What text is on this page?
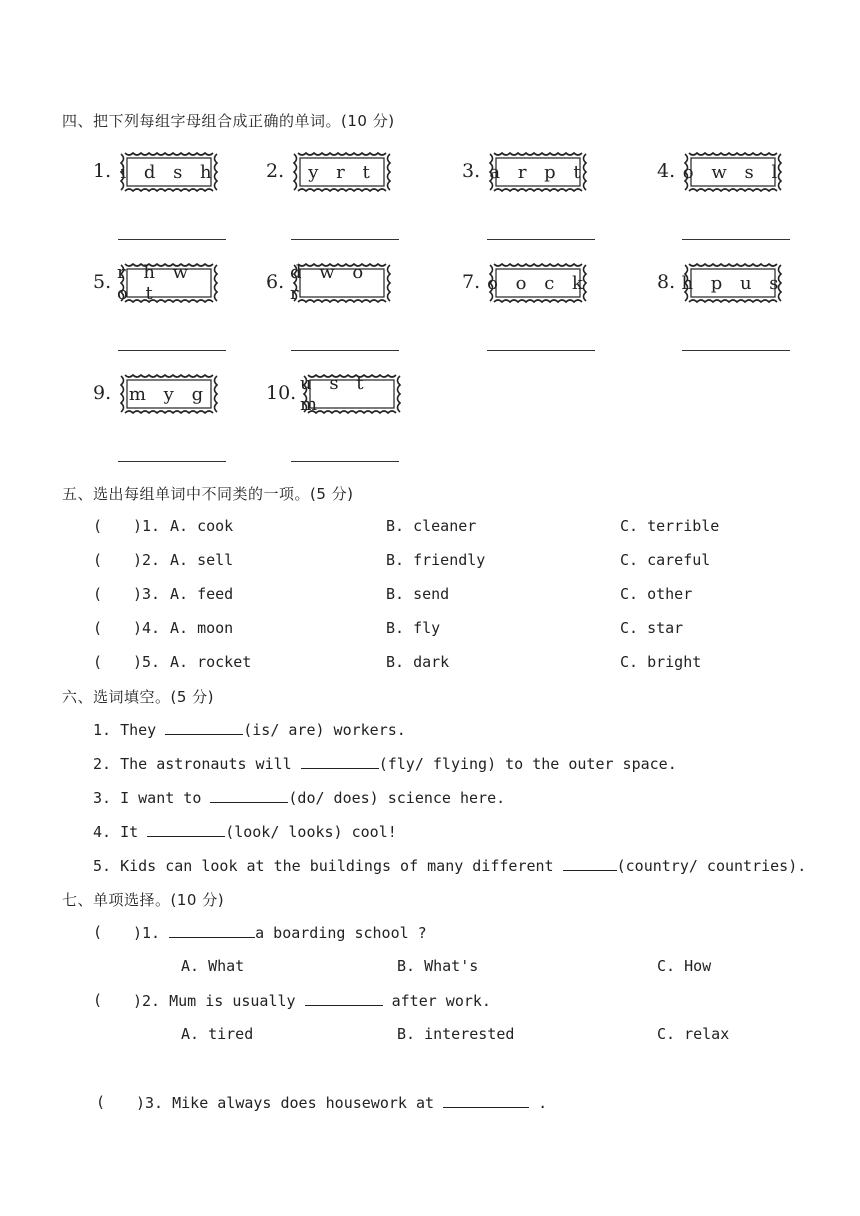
四、把下列每组字母组合成正确的单词。(10 分)
1. i d s h	2.	y r t	3. a r p t	4. o w s l
5. r h w o t
6. d w o r
7. o o c k	8. h p u s
9. m y g	10. u s t m
五、选出每组单词中不同类的一项。(5 分)
( )1. A. cook	B. cleaner	C. terrible
( )2. A. sell	B. friendly	C. careful
( )3. A. feed	B. send	C. other
( )4. A. moon	B. fly	C. star
( )5. A. rocket	B. dark	C. bright
六、选词填空。(5 分)
1. They	(is/ are) workers.
2. The astronauts will	(fly/ flying) to the outer space.
3. I want to	(do/ does) science here.
4. It	(look/ looks) cool!
5. Kids can look at the buildings of many different	(country/ countries).
七、单项选择。(10 分)
( )1.	a boarding school ?
A. What	B. What's	C. How
( )2. Mum is usually	after work.
A. tired	B. interested	C. relax
( )3. Mike always does housework at	.
